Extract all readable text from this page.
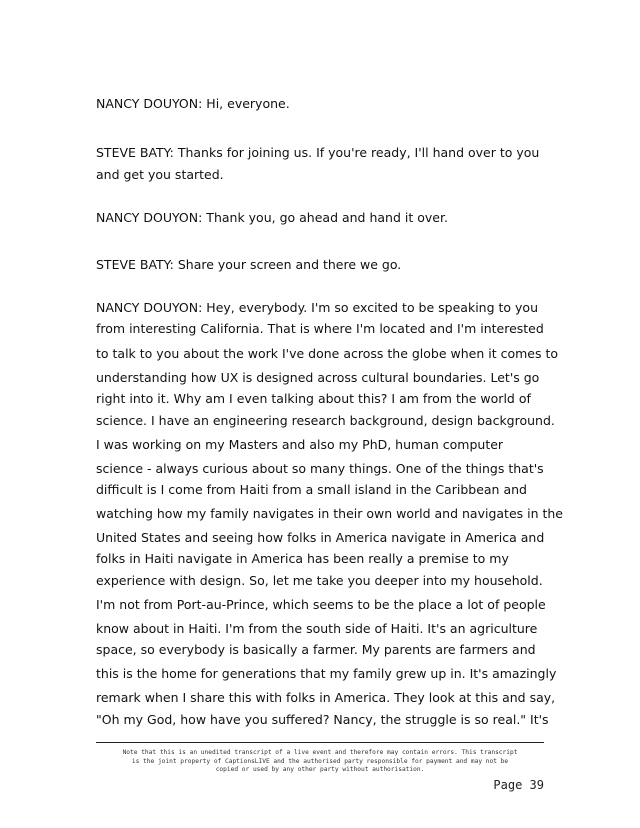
NANCY DOUYON: Hi, everyone.
STEVE BATY: Thanks for joining us. If you're ready, I'll hand over to you
and get you started.
NANCY DOUYON: Thank you, go ahead and hand it over.
STEVE BATY: Share your screen and there we go.
NANCY DOUYON: Hey, everybody. I'm so excited to be speaking to you
from interesting California. That is where I'm located and I'm interested
to talk to you about the work I've done across the globe when it comes to
understanding how UX is designed across cultural boundaries. Let's go
right into it. Why am I even talking about this? I am from the world of
science. I have an engineering research background, design background.
I was working on my Masters and also my PhD, human computer
science - always curious about so many things. One of the things that's
difficult is I come from Haiti from a small island in the Caribbean and
watching how my family navigates in their own world and navigates in the
United States and seeing how folks in America navigate in America and
folks in Haiti navigate in America has been really a premise to my
experience with design. So, let me take you deeper into my household.
I'm not from Port-au-Prince, which seems to be the place a lot of people
know about in Haiti. I'm from the south side of Haiti. It's an agriculture
space, so everybody is basically a farmer. My parents are farmers and
this is the home for generations that my family grew up in. It's amazingly
remark when I share this with folks in America. They look at this and say,
"Oh my God, how have you suffered? Nancy, the struggle is so real." It's
Note that this is an unedited transcript of a live event and therefore may contain errors. This transcript
is the joint property of CaptionsLIVE and the authorised party responsible for payment and may not be
copied or used by any other party without authorisation.
Page 39
